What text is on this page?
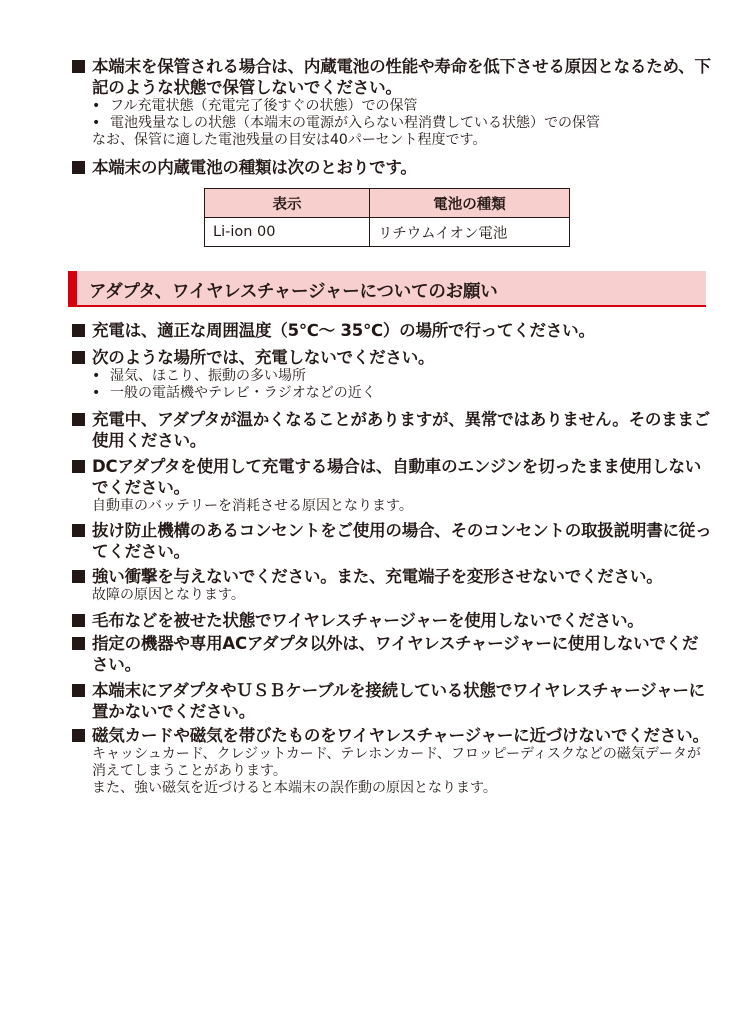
本端末を保管される場合は、内蔵電池の性能や寿命を低下させる原因となるため、下記のような状態で保管しないでください。

• フル充電状態（充電完了後すぐの状態）での保管
• 電池残量なしの状態（本端末の電源が入らない程消費している状態）での保管
なお、保管に適した電池残量の目安は40パーセント程度です。

本端末の内蔵電池の種類は次のとおりです。

表示	電池の種類
Li-ion 00	リチウムイオン電池
アダプタ、ワイヤレスチャージャーについてのお願い

充電は、適正な周囲温度（5℃～ 35℃）の場所で行ってください。

次のような場所では、充電しないでください。

• 湿気、ほこり、振動の多い場所
• 一般の電話機やテレビ・ラジオなどの近く

充電中、アダプタが温かくなることがありますが、異常ではありません。そのままご使用ください。

DCアダプタを使用して充電する場合は、自動車のエンジンを切ったまま使用しないでください。

自動車のバッテリーを消耗させる原因となります。

抜け防止機構のあるコンセントをご使用の場合、そのコンセントの取扱説明書に従ってください。

強い衝撃を与えないでください。また、充電端子を変形させないでください。

故障の原因となります。

毛布などを被せた状態でワイヤレスチャージャーを使用しないでください。

指定の機器や専用ACアダプタ以外は、ワイヤレスチャージャーに使用しないでください。

本端末にアダプタやＵＳＢケーブルを接続している状態でワイヤレスチャージャーに置かないでください。

磁気カードや磁気を帯びたものをワイヤレスチャージャーに近づけないでください。

キャッシュカード、クレジットカード、テレホンカード、フロッピーディスクなどの磁気データが消えてしまうことがあります。

また、強い磁気を近づけると本端末の誤作動の原因となります。
